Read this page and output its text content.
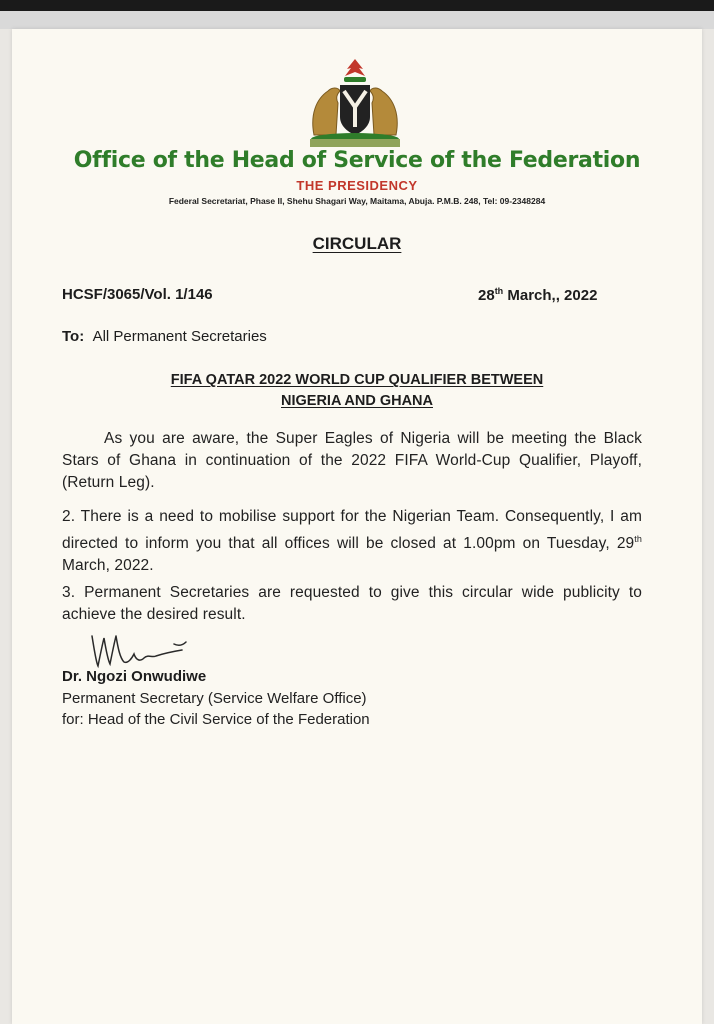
Office of the Head of Service of the Federation
THE PRESIDENCY
Federal Secretariat, Phase II, Shehu Shagari Way, Maitama, Abuja. P.M.B. 248, Tel: 09-2348284
CIRCULAR
HCSF/3065/Vol. 1/146	28th March,, 2022
To: All Permanent Secretaries
FIFA QATAR 2022 WORLD CUP QUALIFIER BETWEEN
NIGERIA AND GHANA
As you are aware, the Super Eagles of Nigeria will be meeting the Black Stars of Ghana in continuation of the 2022 FIFA World-Cup Qualifier, Playoff, (Return Leg).
2. There is a need to mobilise support for the Nigerian Team. Consequently, I am directed to inform you that all offices will be closed at 1.00pm on Tuesday, 29th March, 2022.
3. Permanent Secretaries are requested to give this circular wide publicity to achieve the desired result.
Dr. Ngozi Onwudiwe
Permanent Secretary (Service Welfare Office)
for: Head of the Civil Service of the Federation
